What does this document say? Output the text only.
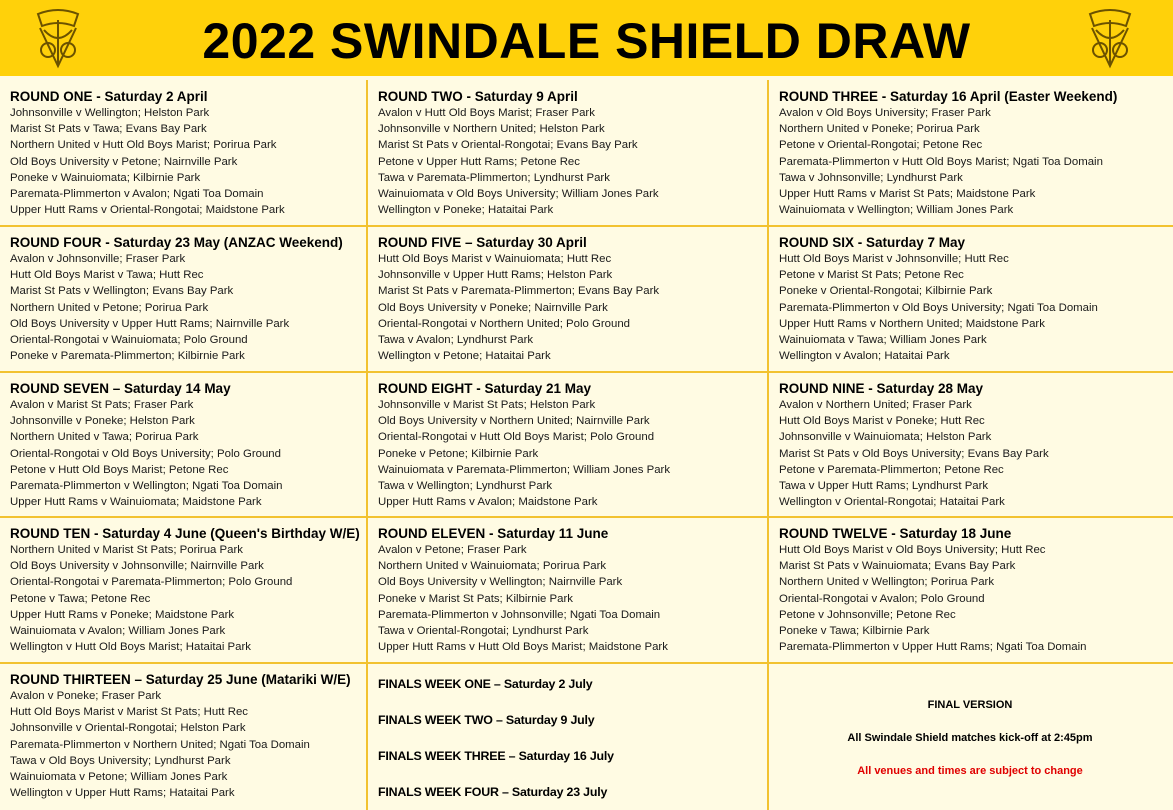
2022 SWINDALE SHIELD DRAW
ROUND ONE - Saturday 2 April
Johnsonville v Wellington; Helston Park
Marist St Pats v Tawa; Evans Bay Park
Northern United v Hutt Old Boys Marist; Porirua Park
Old Boys University v Petone; Nairnville Park
Poneke v Wainuiomata; Kilbirnie Park
Paremata-Plimmerton v Avalon; Ngati Toa Domain
Upper Hutt Rams v Oriental-Rongotai; Maidstone Park
ROUND TWO - Saturday 9 April
Avalon v Hutt Old Boys Marist; Fraser Park
Johnsonville v Northern United; Helston Park
Marist St Pats v Oriental-Rongotai; Evans Bay Park
Petone v Upper Hutt Rams; Petone Rec
Tawa v Paremata-Plimmerton; Lyndhurst Park
Wainuiomata v Old Boys University; William Jones Park
Wellington v Poneke; Hataitai Park
ROUND THREE - Saturday 16 April (Easter Weekend)
Avalon v Old Boys University; Fraser Park
Northern United v Poneke; Porirua Park
Petone v Oriental-Rongotai; Petone Rec
Paremata-Plimmerton v Hutt Old Boys Marist; Ngati Toa Domain
Tawa v Johnsonville; Lyndhurst Park
Upper Hutt Rams v Marist St Pats; Maidstone Park
Wainuiomata v Wellington; William Jones Park
ROUND FOUR - Saturday 23 May (ANZAC Weekend)
Avalon v Johnsonville; Fraser Park
Hutt Old Boys Marist v Tawa; Hutt Rec
Marist St Pats v Wellington; Evans Bay Park
Northern United v Petone; Porirua Park
Old Boys University v Upper Hutt Rams; Nairnville Park
Oriental-Rongotai v Wainuiomata; Polo Ground
Poneke v Paremata-Plimmerton; Kilbirnie Park
ROUND FIVE – Saturday 30 April
Hutt Old Boys Marist v Wainuiomata; Hutt Rec
Johnsonville v Upper Hutt Rams; Helston Park
Marist St Pats v Paremata-Plimmerton; Evans Bay Park
Old Boys University v Poneke; Nairnville Park
Oriental-Rongotai v Northern United; Polo Ground
Tawa v Avalon; Lyndhurst Park
Wellington v Petone; Hataitai Park
ROUND SIX - Saturday 7 May
Hutt Old Boys Marist v Johnsonville; Hutt Rec
Petone v Marist St Pats; Petone Rec
Poneke v Oriental-Rongotai; Kilbirnie Park
Paremata-Plimmerton v Old Boys University; Ngati Toa Domain
Upper Hutt Rams v Northern United; Maidstone Park
Wainuiomata v Tawa; William Jones Park
Wellington v Avalon; Hataitai Park
ROUND SEVEN – Saturday 14 May
Avalon v Marist St Pats; Fraser Park
Johnsonville v Poneke; Helston Park
Northern United v Tawa; Porirua Park
Oriental-Rongotai v Old Boys University; Polo Ground
Petone v Hutt Old Boys Marist; Petone Rec
Paremata-Plimmerton v Wellington; Ngati Toa Domain
Upper Hutt Rams v Wainuiomata; Maidstone Park
ROUND EIGHT - Saturday 21 May
Johnsonville v Marist St Pats; Helston Park
Old Boys University v Northern United; Nairnville Park
Oriental-Rongotai v Hutt Old Boys Marist; Polo Ground
Poneke v Petone; Kilbirnie Park
Wainuiomata v Paremata-Plimmerton; William Jones Park
Tawa v Wellington; Lyndhurst Park
Upper Hutt Rams v Avalon; Maidstone Park
ROUND NINE - Saturday 28 May
Avalon v Northern United; Fraser Park
Hutt Old Boys Marist v Poneke; Hutt Rec
Johnsonville v Wainuiomata; Helston Park
Marist St Pats v Old Boys University; Evans Bay Park
Petone v Paremata-Plimmerton; Petone Rec
Tawa v Upper Hutt Rams; Lyndhurst Park
Wellington v Oriental-Rongotai; Hataitai Park
ROUND TEN - Saturday 4 June (Queen's Birthday W/E)
Northern United v Marist St Pats; Porirua Park
Old Boys University v Johnsonville; Nairnville Park
Oriental-Rongotai v Paremata-Plimmerton; Polo Ground
Petone v Tawa; Petone Rec
Upper Hutt Rams v Poneke; Maidstone Park
Wainuiomata v Avalon; William Jones Park
Wellington v Hutt Old Boys Marist; Hataitai Park
ROUND ELEVEN - Saturday 11 June
Avalon v Petone; Fraser Park
Northern United v Wainuiomata; Porirua Park
Old Boys University v Wellington; Nairnville Park
Poneke v Marist St Pats; Kilbirnie Park
Paremata-Plimmerton v Johnsonville; Ngati Toa Domain
Tawa v Oriental-Rongotai; Lyndhurst Park
Upper Hutt Rams v Hutt Old Boys Marist; Maidstone Park
ROUND TWELVE - Saturday 18 June
Hutt Old Boys Marist v Old Boys University; Hutt Rec
Marist St Pats v Wainuiomata; Evans Bay Park
Northern United v Wellington; Porirua Park
Oriental-Rongotai v Avalon; Polo Ground
Petone v Johnsonville; Petone Rec
Poneke v Tawa; Kilbirnie Park
Paremata-Plimmerton v Upper Hutt Rams; Ngati Toa Domain
ROUND THIRTEEN – Saturday 25 June (Matariki W/E)
Avalon v Poneke; Fraser Park
Hutt Old Boys Marist v Marist St Pats; Hutt Rec
Johnsonville v Oriental-Rongotai; Helston Park
Paremata-Plimmerton v Northern United; Ngati Toa Domain
Tawa v Old Boys University; Lyndhurst Park
Wainuiomata v Petone; William Jones Park
Wellington v Upper Hutt Rams; Hataitai Park
FINALS WEEK ONE – Saturday 2 July
FINALS WEEK TWO – Saturday 9 July
FINALS WEEK THREE – Saturday 16 July
FINALS WEEK FOUR – Saturday 23 July
FINAL VERSION
All Swindale Shield matches kick-off at 2:45pm
All venues and times are subject to change
